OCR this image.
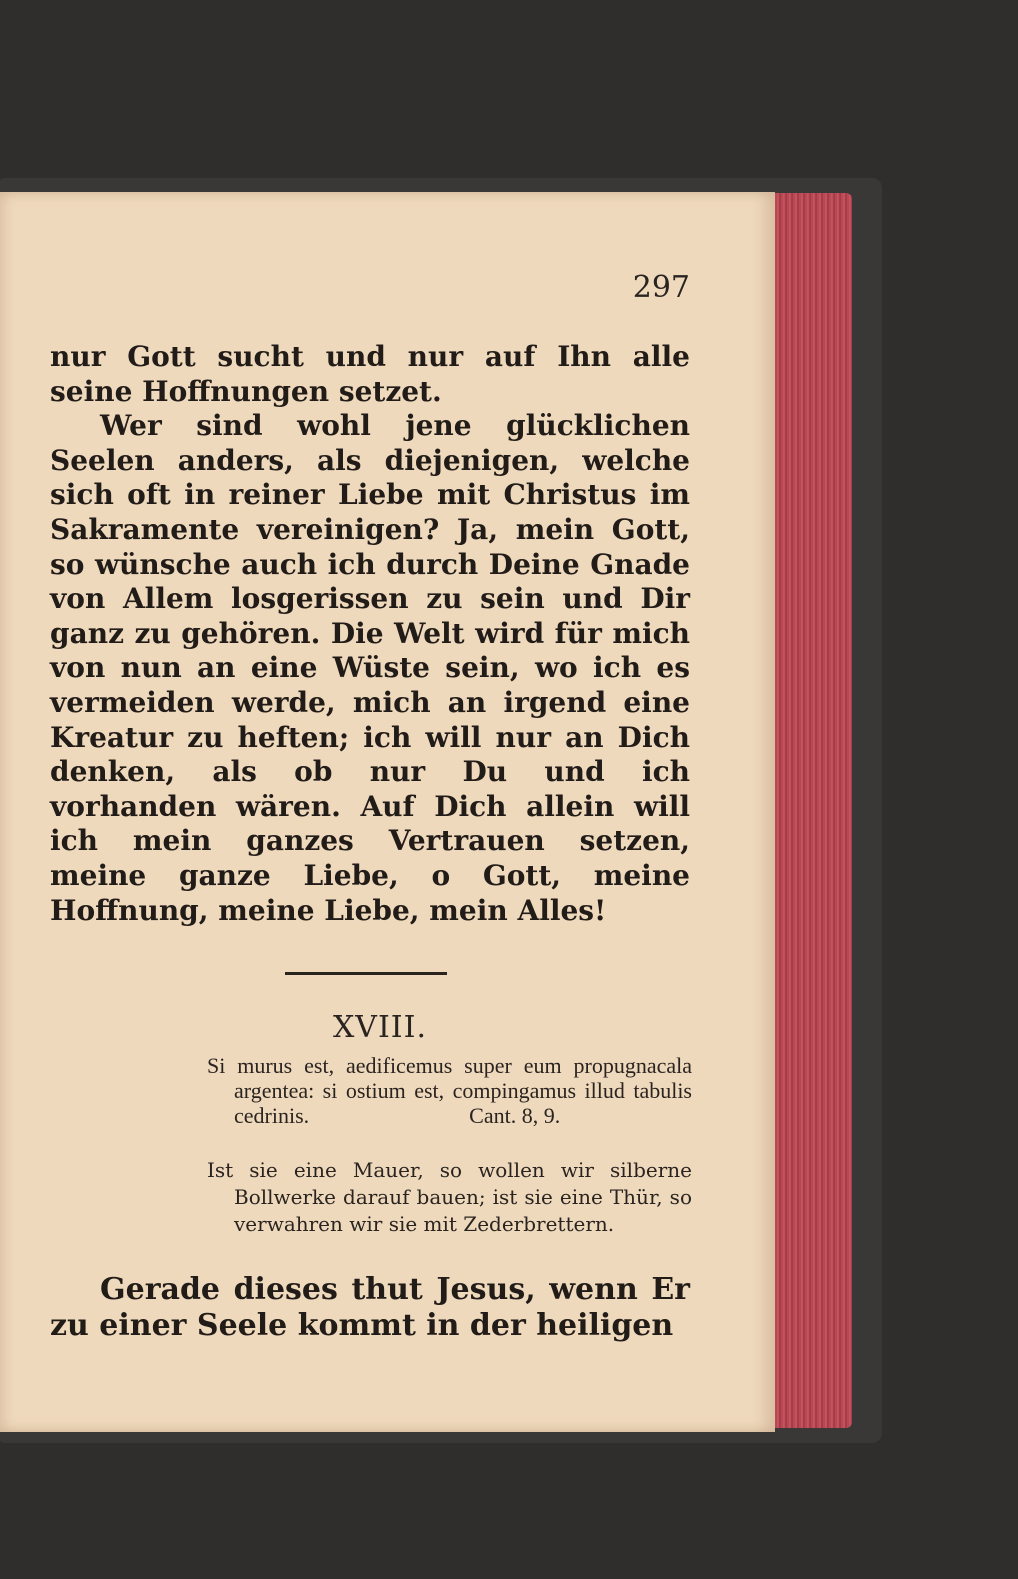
297

nur Gott sucht und nur auf Ihn alle seine Hoffnungen setzet.

Wer sind wohl jene glücklichen Seelen anders, als diejenigen, welche sich oft in reiner Liebe mit Christus im Sakramente vereinigen? Ja, mein Gott, so wünsche auch ich durch Deine Gnade von Allem losgerissen zu sein und Dir ganz zu gehören. Die Welt wird für mich von nun an eine Wüste sein, wo ich es vermeiden werde, mich an irgend eine Kreatur zu heften; ich will nur an Dich denken, als ob nur Du und ich vorhanden wären. Auf Dich allein will ich mein ganzes Vertrauen setzen, meine ganze Liebe, o Gott, meine Hoffnung, meine Liebe, mein Alles!

XVIII.

Si murus est, aedificemus super eum propugnacala argentea: si ostium est, compingamus illud tabulis cedrinis.	Cant. 8, 9.

Ist sie eine Mauer, so wollen wir silberne Bollwerke darauf bauen; ist sie eine Thür, so verwahren wir sie mit Zederbrettern.

Gerade dieses thut Jesus, wenn Er zu einer Seele kommt in der heiligen
